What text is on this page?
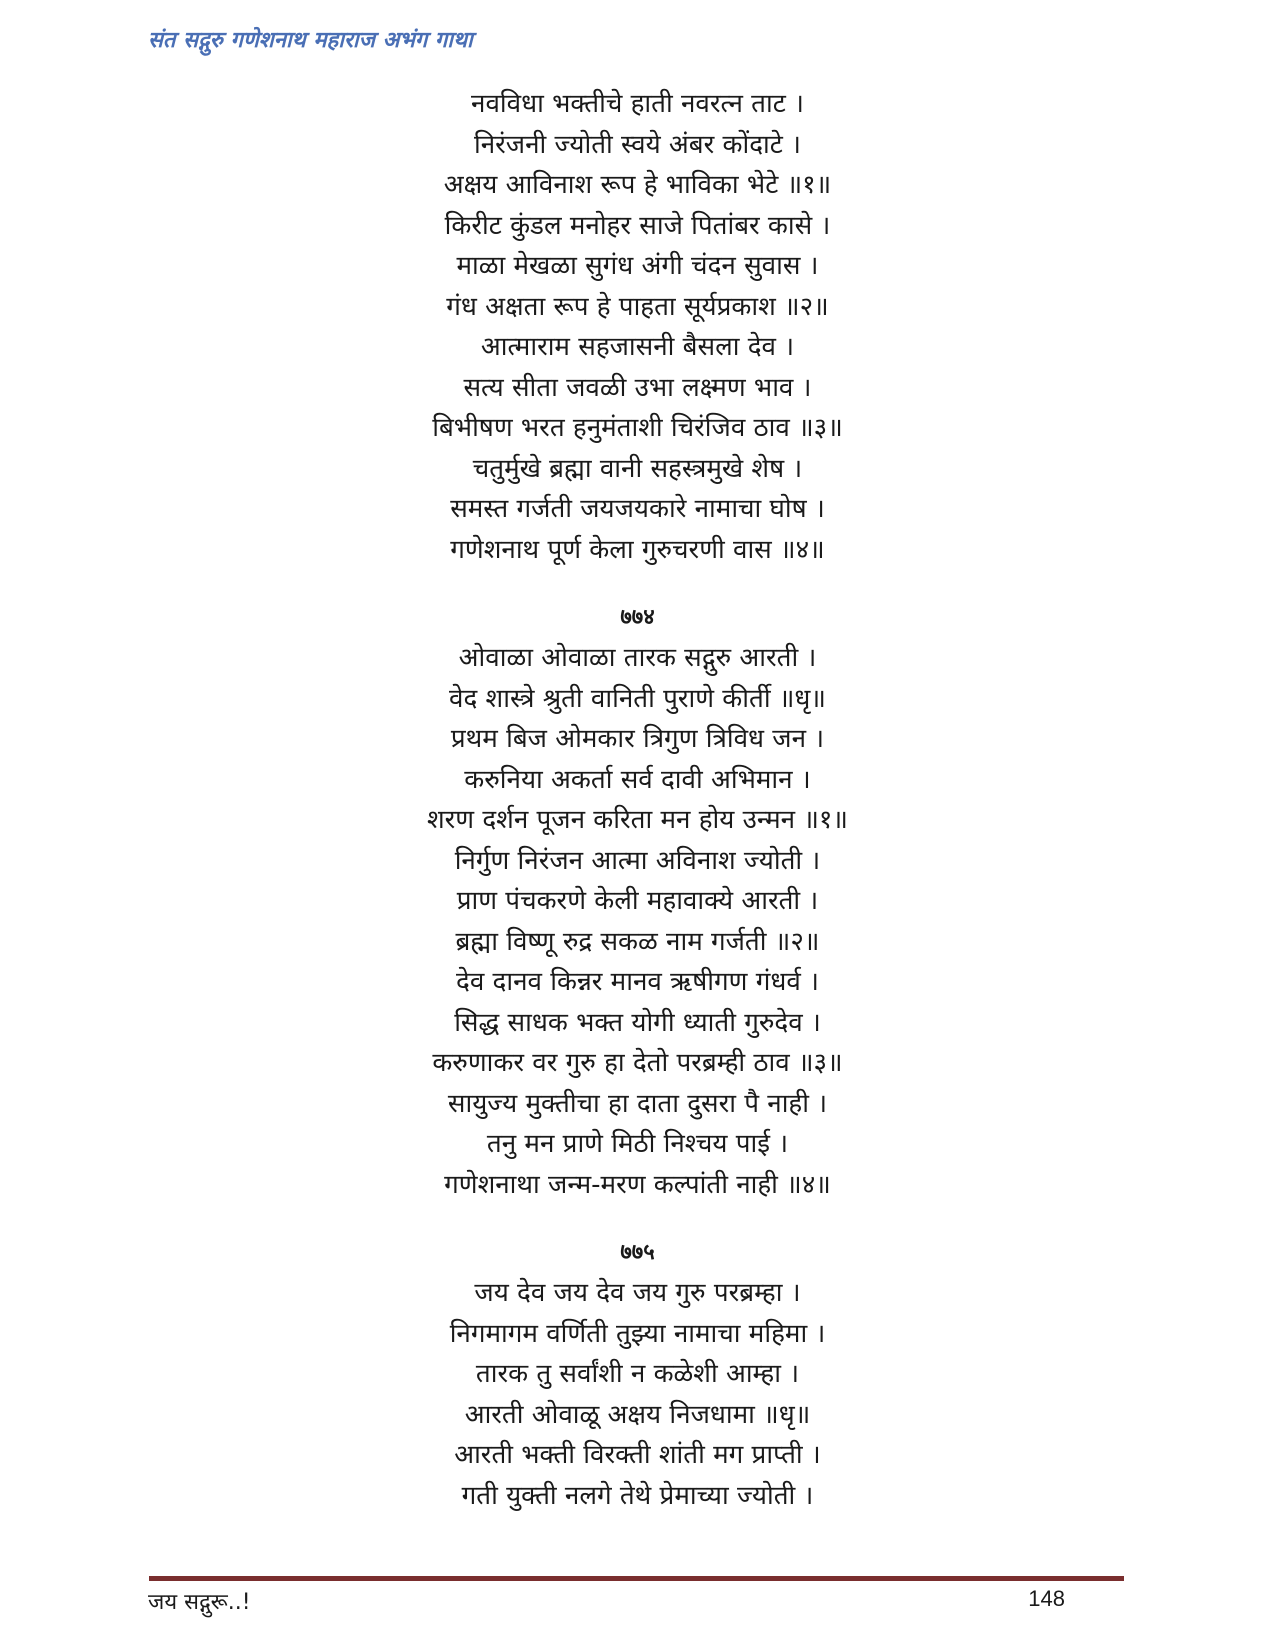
संत सद्गुरु गणेशनाथ महाराज अभंग गाथा
नवविधा भक्तीचे हाती नवरत्न ताट ।
निरंजनी ज्योती स्वये अंबर कोंदाटे ।
अक्षय आविनाश रूप हे भाविका भेटे ॥१॥
किरीट कुंडल मनोहर साजे पितांबर कासे ।
माळा मेखळा सुगंध अंगी चंदन सुवास ।
गंध अक्षता रूप हे पाहता सूर्यप्रकाश ॥२॥
आत्माराम सहजासनी बैसला देव ।
सत्य सीता जवळी उभा लक्ष्मण भाव ।
बिभीषण भरत हनुमंताशी चिरंजिव ठाव ॥३॥
चतुर्मुखे ब्रह्मा वानी सहस्त्रमुखे शेष ।
समस्त गर्जती जयजयकारे नामाचा घोष ।
गणेशनाथ पूर्ण केला गुरुचरणी वास ॥४॥
७७४
ओवाळा ओवाळा तारक सद्गुरु आरती ।
वेद शास्त्रे श्रुती वानिती पुराणे कीर्ती ॥धृ॥
प्रथम बिज ओमकार त्रिगुण त्रिविध जन ।
करुनिया अकर्ता सर्व दावी अभिमान ।
शरण दर्शन पूजन करिता मन होय उन्मन ॥१॥
निर्गुण निरंजन आत्मा अविनाश ज्योती ।
प्राण पंचकरणे केली महावाक्ये आरती ।
ब्रह्मा विष्णू रुद्र सकळ नाम गर्जती ॥२॥
देव दानव किन्नर मानव ऋषीगण गंधर्व ।
सिद्ध साधक भक्त योगी ध्याती गुरुदेव ।
करुणाकर वर गुरु हा देतो परब्रम्ही ठाव ॥३॥
सायुज्य मुक्तीचा हा दाता दुसरा पै नाही ।
तनु मन प्राणे मिठी निश्चय पाई ।
गणेशनाथा जन्म-मरण कल्पांती नाही ॥४॥
७७५
जय देव जय देव जय गुरु परब्रम्हा ।
निगमागम वर्णिती तुझ्या नामाचा महिमा ।
तारक तु सर्वांशी न कळेशी आम्हा ।
आरती ओवाळू अक्षय निजधामा ॥धृ॥
आरती भक्ती विरक्ती शांती मग प्राप्ती ।
गती युक्ती नलगे तेथे प्रेमाच्या ज्योती ।
जय सद्गुरू..!	148
